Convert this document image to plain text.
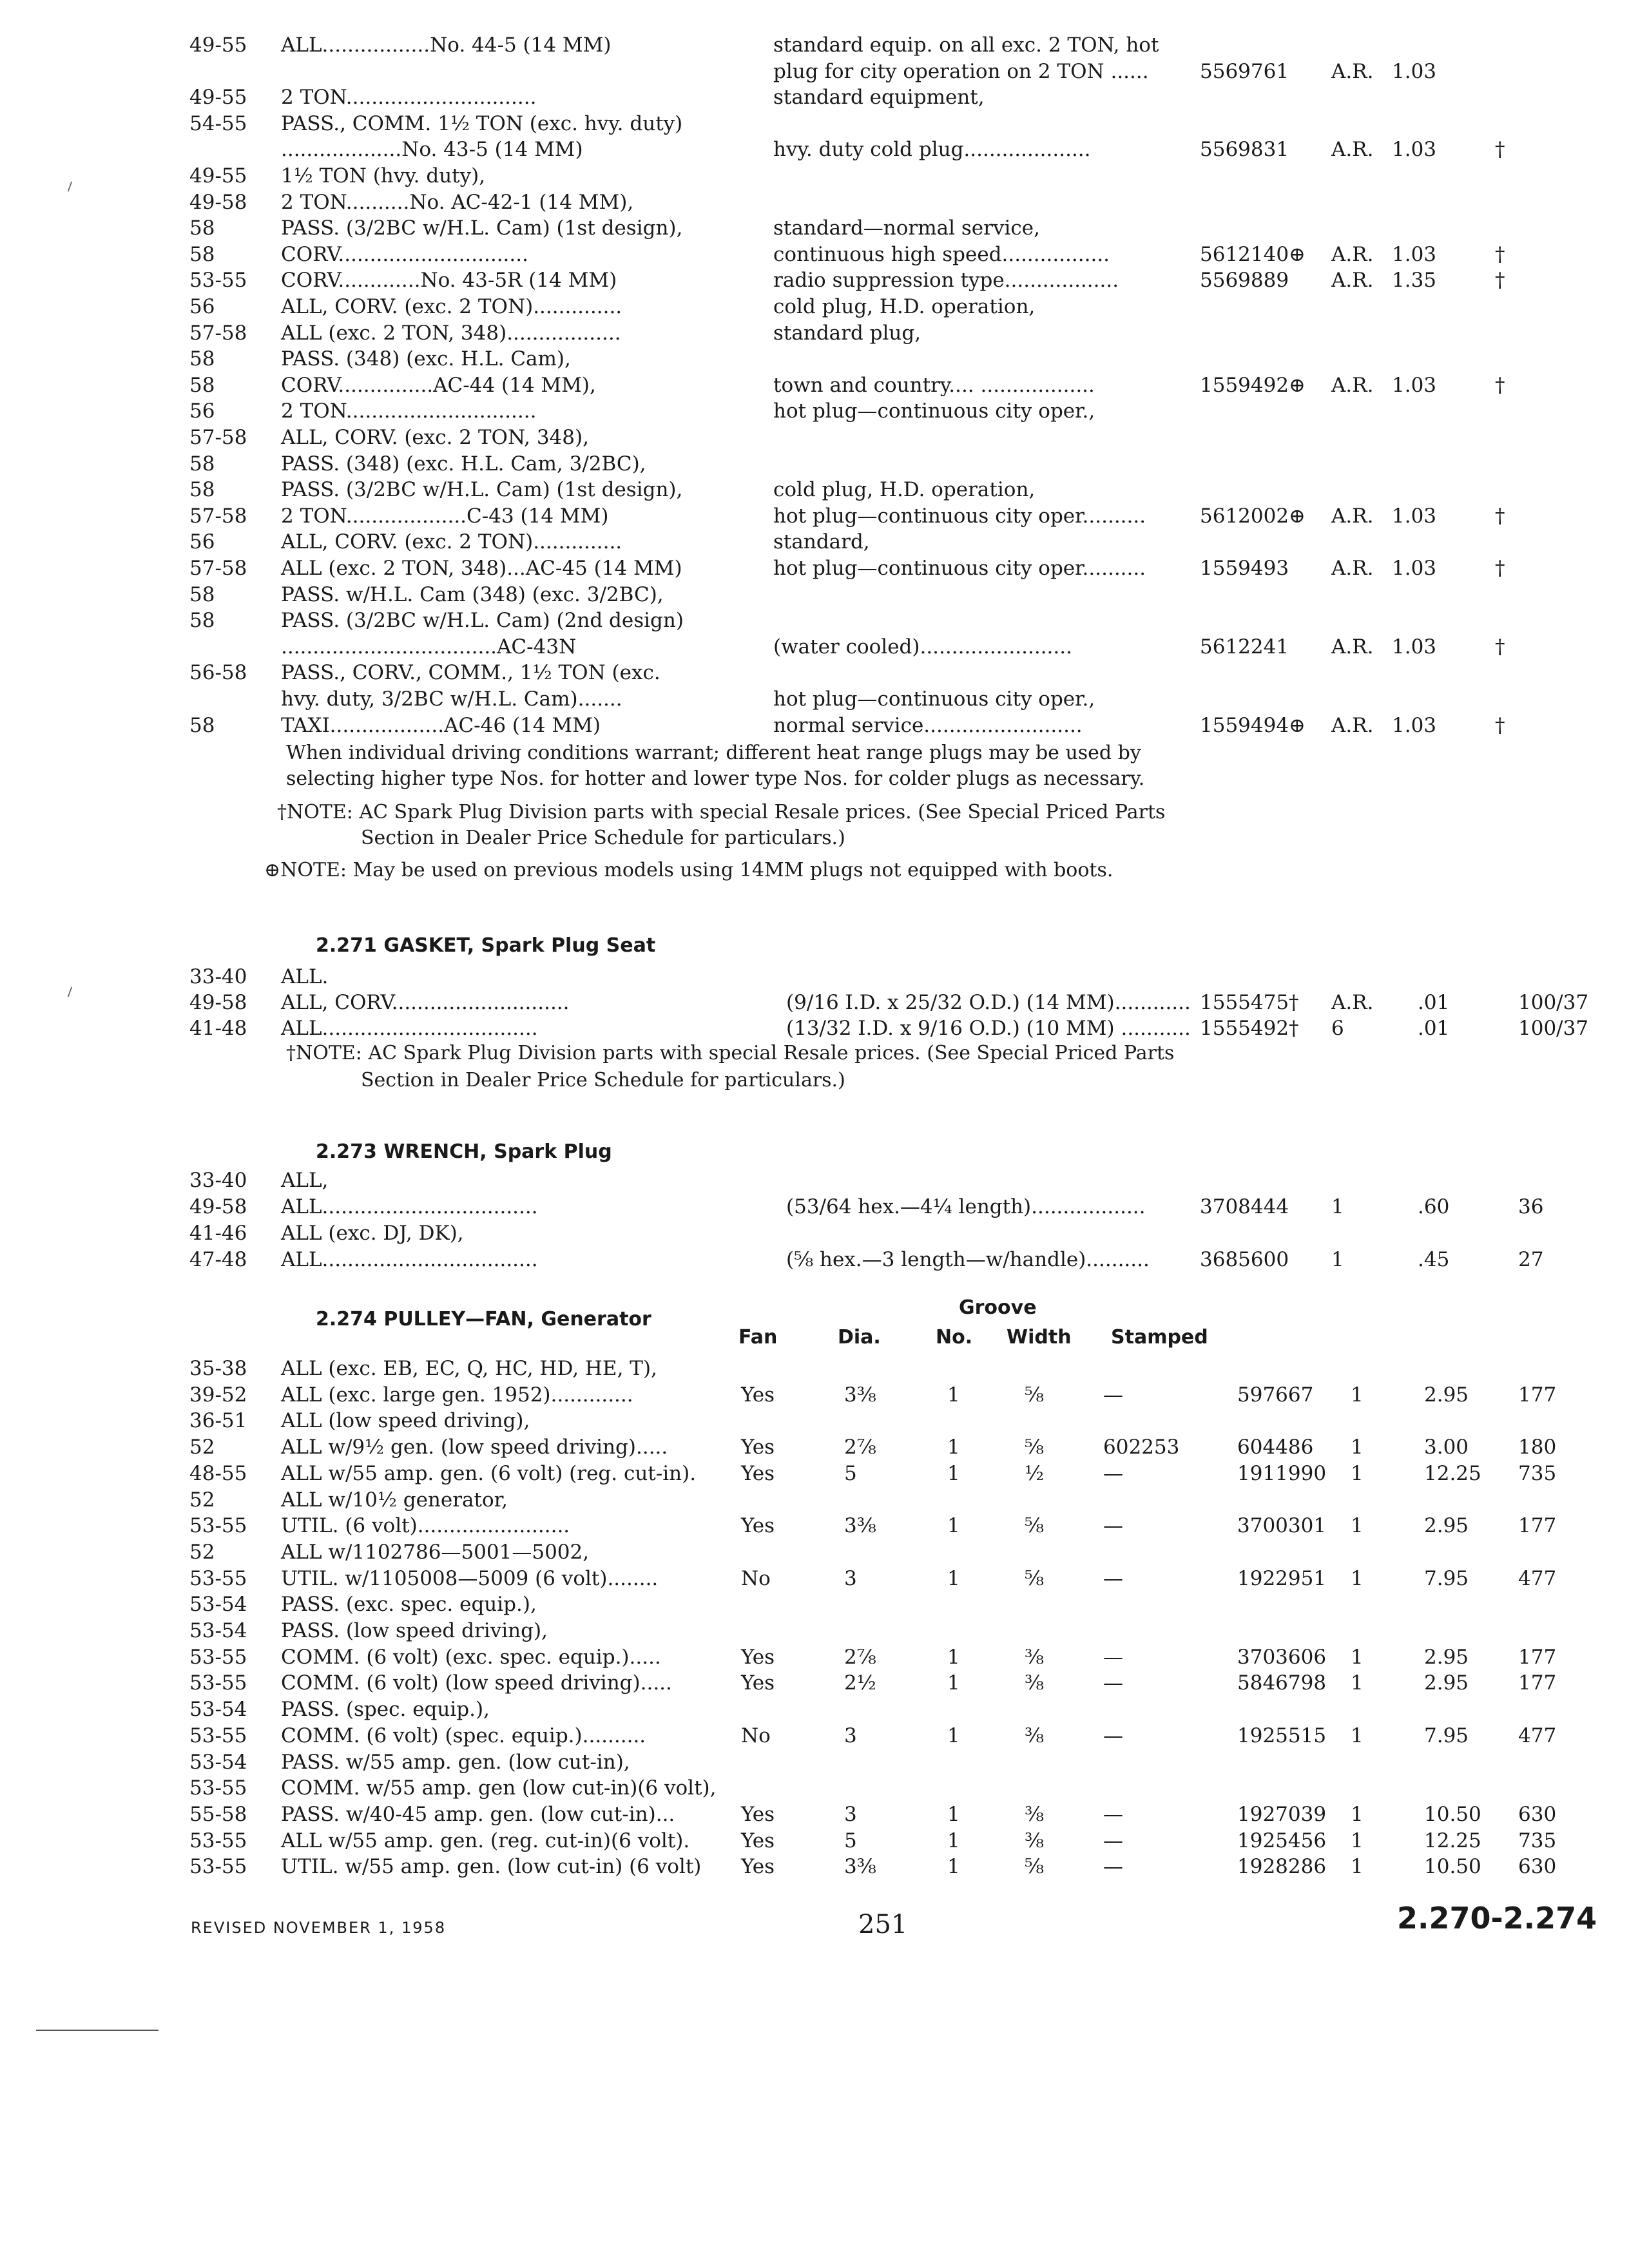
49-55 ALL.................No. 44-5 (14 MM)	standard equip. on all exc. 2 TON, hot
plug for city operation on 2 TON ......	5569761 A.R. 1.03
49-55 2 TON..............................	standard equipment,
54-55 PASS., COMM. 1½ TON (exc. hvy. duty)
...................No. 43-5 (14 MM)	hvy. duty cold plug....................	5569831 A.R. 1.03	†
49-55 1½ TON (hvy. duty),
49-58 2 TON..........No. AC-42-1 (14 MM),
58	PASS. (3/2BC w/H.L. Cam) (1st design),	standard—normal service,
58	CORV..............................	continuous high speed.................	5612140⊕ A.R. 1.03	†
53-55 CORV.............No. 43-5R (14 MM)	radio suppression type..................	5569889 A.R. 1.35	†
56	ALL, CORV. (exc. 2 TON)..............	cold plug, H.D. operation,
57-58 ALL (exc. 2 TON, 348)..................	standard plug,
58	PASS. (348) (exc. H.L. Cam),
58	CORV...............AC-44 (14 MM),	town and country.... ..................	1559492⊕ A.R. 1.03	†
56	2 TON..............................	hot plug—continuous city oper.,
57-58 ALL, CORV. (exc. 2 TON, 348),
58	PASS. (348) (exc. H.L. Cam, 3/2BC),
58	PASS. (3/2BC w/H.L. Cam) (1st design),	cold plug, H.D. operation,
57-58 2 TON...................C-43 (14 MM)	hot plug—continuous city oper..........	5612002⊕ A.R. 1.03	†
56	ALL, CORV. (exc. 2 TON)..............	standard,
57-58 ALL (exc. 2 TON, 348)...AC-45 (14 MM)	hot plug—continuous city oper..........	1559493 A.R. 1.03	†
58	PASS. w/H.L. Cam (348) (exc. 3/2BC),
58	PASS. (3/2BC w/H.L. Cam) (2nd design)
..................................AC-43N	(water cooled)........................	5612241 A.R. 1.03	†
56-58 PASS., CORV., COMM., 1½ TON (exc.
hvy. duty, 3/2BC w/H.L. Cam).......	hot plug—continuous city oper.,
58	TAXI..................AC-46 (14 MM)	normal service.........................	1559494⊕ A.R. 1.03	†
When individual driving conditions warrant; different heat range plugs may be used by
selecting higher type Nos. for hotter and lower type Nos. for colder plugs as necessary.
†NOTE: AC Spark Plug Division parts with special Resale prices. (See Special Priced Parts
Section in Dealer Price Schedule for particulars.)
⊕NOTE: May be used on previous models using 14MM plugs not equipped with boots.
2.271 GASKET, Spark Plug Seat
33-40 ALL.
49-58 ALL, CORV............................	(9/16 I.D. x 25/32 O.D.) (14 MM)............ 1555475† A.R. .01	100/37
41-48 ALL..................................	(13/32 I.D. x 9/16 O.D.) (10 MM) ........... 1555492† 6	.01	100/37
†NOTE: AC Spark Plug Division parts with special Resale prices. (See Special Priced Parts
Section in Dealer Price Schedule for particulars.)
2.273 WRENCH, Spark Plug
33-40 ALL,
49-58 ALL..................................	(53/64 hex.—4¼ length)..................	3708444 1	.60	36
41-46 ALL (exc. DJ, DK),
47-48 ALL..................................	(⅝ hex.—3 length—w/handle)..........	3685600 1	.45	27
2.274 PULLEY—FAN, Generator
Groove
Fan	Dia.	No. Width Stamped
35-38 ALL (exc. EB, EC, Q, HC, HD, HE, T),
39-52 ALL (exc. large gen. 1952).............	Yes	3⅜	1	⅝	—	597667 1	2.95 177
36-51 ALL (low speed driving),
52	ALL w/9½ gen. (low speed driving).....	Yes	2⅞	1	⅝	602253	604486 1	3.00 180
48-55 ALL w/55 amp. gen. (6 volt) (reg. cut-in). Yes	5	1	½	—	1911990 1	12.25 735
52	ALL w/10½ generator,
53-55 UTIL. (6 volt)........................	Yes	3⅜	1	⅝	—	3700301 1	2.95 177
52	ALL w/1102786—5001—5002,
53-55 UTIL. w/1105008—5009 (6 volt)........	No	3	1	⅝	—	1922951 1	7.95 477
53-54 PASS. (exc. spec. equip.),
53-54 PASS. (low speed driving),
53-55 COMM. (6 volt) (exc. spec. equip.).....	Yes	2⅞	1	⅜	—	3703606 1	2.95 177
53-55 COMM. (6 volt) (low speed driving).....	Yes	2½	1	⅜	—	5846798 1	2.95 177
53-54 PASS. (spec. equip.),
53-55 COMM. (6 volt) (spec. equip.)..........	No	3	1	⅜	—	1925515 1	7.95 477
53-54 PASS. w/55 amp. gen. (low cut-in),
53-55 COMM. w/55 amp. gen (low cut-in)(6 volt),
55-58 PASS. w/40-45 amp. gen. (low cut-in)...	Yes	3	1	⅜	—	1927039 1	10.50 630
53-55 ALL w/55 amp. gen. (reg. cut-in)(6 volt).	Yes	5	1	⅜	—	1925456 1	12.25 735
53-55 UTIL. w/55 amp. gen. (low cut-in) (6 volt) Yes	3⅜	1	⅝	—	1928286 1	10.50 630
REVISED NOVEMBER 1, 1958	251	2.270-2.274
⸝
⸝
